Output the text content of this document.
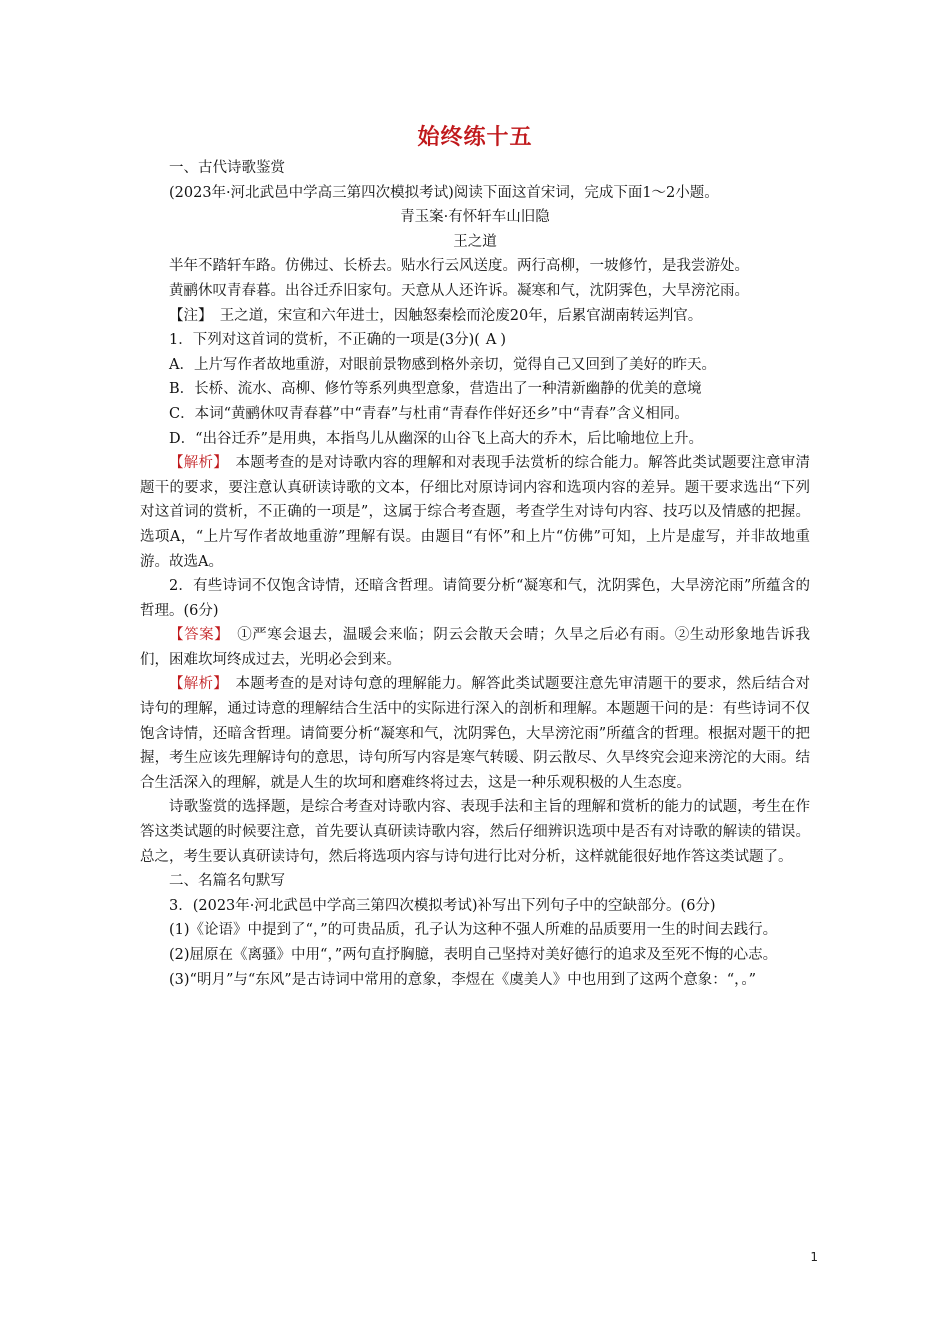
始终练十五

一、古代诗歌鉴赏

(2023年·河北武邑中学高三第四次模拟考试)阅读下面这首宋词，完成下面1～2小题。

青玉案·有怀轩车山旧隐

王之道

半年不踏轩车路。仿佛过、长桥去。贴水行云风送度。两行高柳，一坡修竹，是我尝游处。

黄鹂休叹青春暮。出谷迁乔旧家句。天意从人还许诉。凝寒和气，沈阴霁色，大旱滂沱雨。

【注】　 王之道，宋宣和六年进士，因触怒秦桧而沦废20年，后累官湖南转运判官。

1．下列对这首词的赏析，不正确的一项是(3分)( A )

A．上片写作者故地重游，对眼前景物感到格外亲切，觉得自己又回到了美好的昨天。

B．长桥、流水、高柳、修竹等系列典型意象，营造出了一种清新幽静的优美的意境

C．本词“黄鹂休叹青春暮”中“青春”与杜甫“青春作伴好还乡”中“青春”含义相同。

D．“出谷迁乔”是用典，本指鸟儿从幽深的山谷飞上高大的乔木，后比喻地位上升。

【解析】　 本题考查的是对诗歌内容的理解和对表现手法赏析的综合能力。解答此类试题要注意审清题干的要求，要注意认真研读诗歌的文本，仔细比对原诗词内容和选项内容的差异。题干要求选出“下列对这首词的赏析，不正确的一项是”，这属于综合考查题，考查学生对诗句内容、技巧以及情感的把握。选项A，“上片写作者故地重游”理解有误。由题目“有怀”和上片“仿佛”可知，上片是虚写，并非故地重游。故选A。

2．有些诗词不仅饱含诗情，还暗含哲理。请简要分析“凝寒和气，沈阴霁色，大旱滂沱雨”所蕴含的哲理。(6分)

【答案】　 ①严寒会退去，温暖会来临；阴云会散天会晴；久旱之后必有雨。②生动形象地告诉我们，困难坎坷终成过去，光明必会到来。

【解析】　 本题考查的是对诗句意的理解能力。解答此类试题要注意先审清题干的要求，然后结合对诗句的理解，通过诗意的理解结合生活中的实际进行深入的剖析和理解。本题题干问的是：有些诗词不仅饱含诗情，还暗含哲理。请简要分析“凝寒和气，沈阴霁色，大旱滂沱雨”所蕴含的哲理。根据对题干的把握，考生应该先理解诗句的意思，诗句所写内容是寒气转暖、阴云散尽、久旱终究会迎来滂沱的大雨。结合生活深入的理解，就是人生的坎坷和磨难终将过去，这是一种乐观积极的人生态度。

诗歌鉴赏的选择题，是综合考查对诗歌内容、表现手法和主旨的理解和赏析的能力的试题，考生在作答这类试题的时候要注意，首先要认真研读诗歌内容，然后仔细辨识选项中是否有对诗歌的解读的错误。总之，考生要认真研读诗句，然后将选项内容与诗句进行比对分析，这样就能很好地作答这类试题了。

二、名篇名句默写

3．(2023年·河北武邑中学高三第四次模拟考试)补写出下列句子中的空缺部分。(6分)

(1)《论语》中提到了“，”的可贵品质，孔子认为这种不强人所难的品质要用一生的时间去践行。

(2)屈原在《离骚》中用“，”两句直抒胸臆，表明自己坚持对美好德行的追求及至死不悔的心志。

(3)“明月”与“东风”是古诗词中常用的意象，李煜在《虞美人》中也用到了这两个意象：“，。”

1
